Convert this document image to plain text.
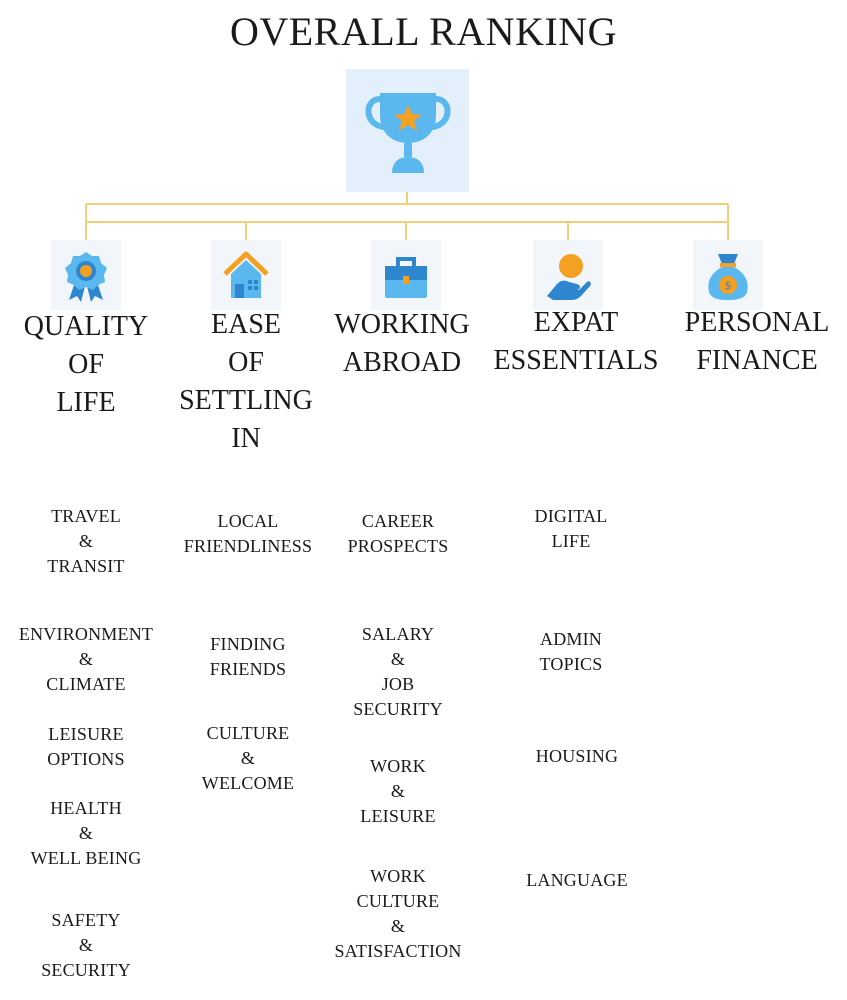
OVERALL RANKING
$
QUALITY
OF
LIFE
EASE
OF
SETTLING
IN
WORKING
ABROAD
EXPAT
ESSENTIALS
PERSONAL
FINANCE
TRAVEL
&
TRANSIT
ENVIRONMENT
&
CLIMATE
LEISURE
OPTIONS
HEALTH
&
WELL BEING
SAFETY
&
SECURITY
LOCAL
FRIENDLINESS
FINDING
FRIENDS
CULTURE
&
WELCOME
CAREER
PROSPECTS
SALARY
&
JOB
SECURITY
WORK
&
LEISURE
WORK
CULTURE
&
SATISFACTION
DIGITAL
LIFE
ADMIN
TOPICS
HOUSING
LANGUAGE
